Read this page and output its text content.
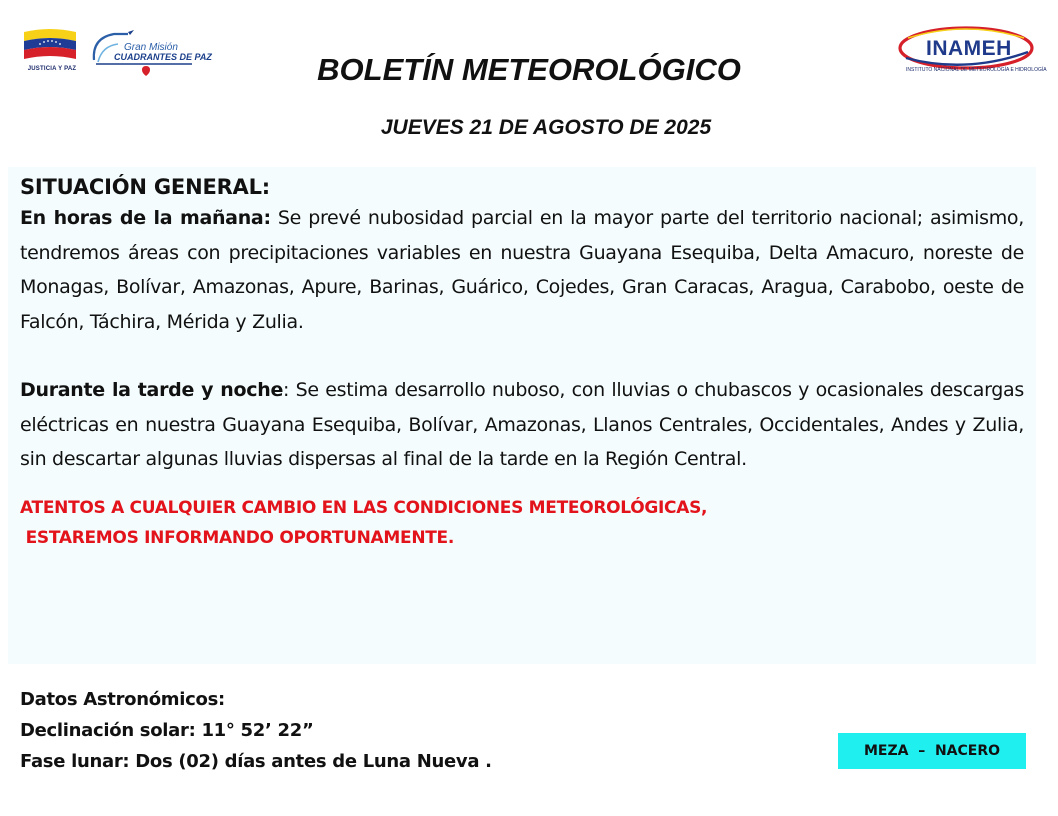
JUSTICIA Y PAZ
Gran Misión
CUADRANTES DE PAZ	INAMEH
INSTITUTO NACIONAL DE METEOROLOGÍA E HIDROLOGÍA
BOLETÍN METEOROLÓGICO
JUEVES 21 DE AGOSTO DE 2025
SITUACIÓN GENERAL:

En horas de la mañana: Se prevé nubosidad parcial en la mayor parte del territorio nacional; asimismo, tendremos áreas con precipitaciones variables en nuestra Guayana Esequiba, Delta Amacuro, noreste de Monagas, Bolívar, Amazonas, Apure, Barinas, Guárico, Cojedes, Gran Caracas, Aragua, Carabobo, oeste de Falcón, Táchira, Mérida y Zulia.

Durante la tarde y noche: Se estima desarrollo nuboso, con lluvias o chubascos y ocasionales descargas eléctricas en nuestra Guayana Esequiba, Bolívar, Amazonas, Llanos Centrales, Occidentales, Andes y Zulia, sin descartar algunas lluvias dispersas al final de la tarde en la Región Central.

ATENTOS A CUALQUIER CAMBIO EN LAS CONDICIONES METEOROLÓGICAS,
ESTAREMOS INFORMANDO OPORTUNAMENTE.
Datos Astronómicos:
Declinación solar: 11° 52’ 22”
Fase lunar: Dos (02) días antes de Luna Nueva .	MEZA  –  NACERO
